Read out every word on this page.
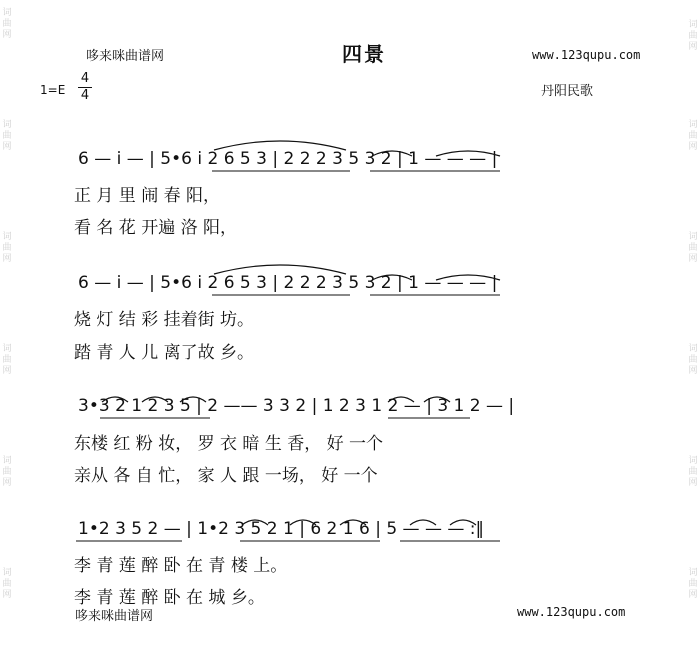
词曲网
词曲网
词曲网
词曲网
词曲网
词曲网
词曲网
词曲网
词曲网
词曲网
词曲网
词曲网
哆来咪曲谱网	四景	www.123qupu.com
1=E
4
4	丹阳民歌
6 — i̇ — | 5•6 i̇ 2 6 5 3 | 2 2 2 3 5 3 2 | 1 — — — |
正 月 里 闹 春 阳，
看 名 花 开遍 洛 阳，
6 — i̇ — | 5•6 i̇ 2 6 5 3 | 2 2 2 3 5 3 2 | 1 — — — |
烧 灯 结 彩 挂着街 坊。
踏 青 人 儿 离了故 乡。
3•3 2 1 2 3 5 | 2 —— 3 3 2 | 1 2 3 1 2 — | 3 1 2 — |
东楼 红 粉 妆， 罗 衣 暗 生 香， 好 一个
亲从 各 自 忙， 家 人 跟 一场， 好 一个
1•2 3 5 2 — | 1•2 3 5 2 1 | 6 2 1 6 | 5 — — — :‖
李 青 莲 醉 卧 在 青 楼 上。
李 青 莲 醉 卧 在 城 乡。
哆来咪曲谱网	www.123qupu.com
